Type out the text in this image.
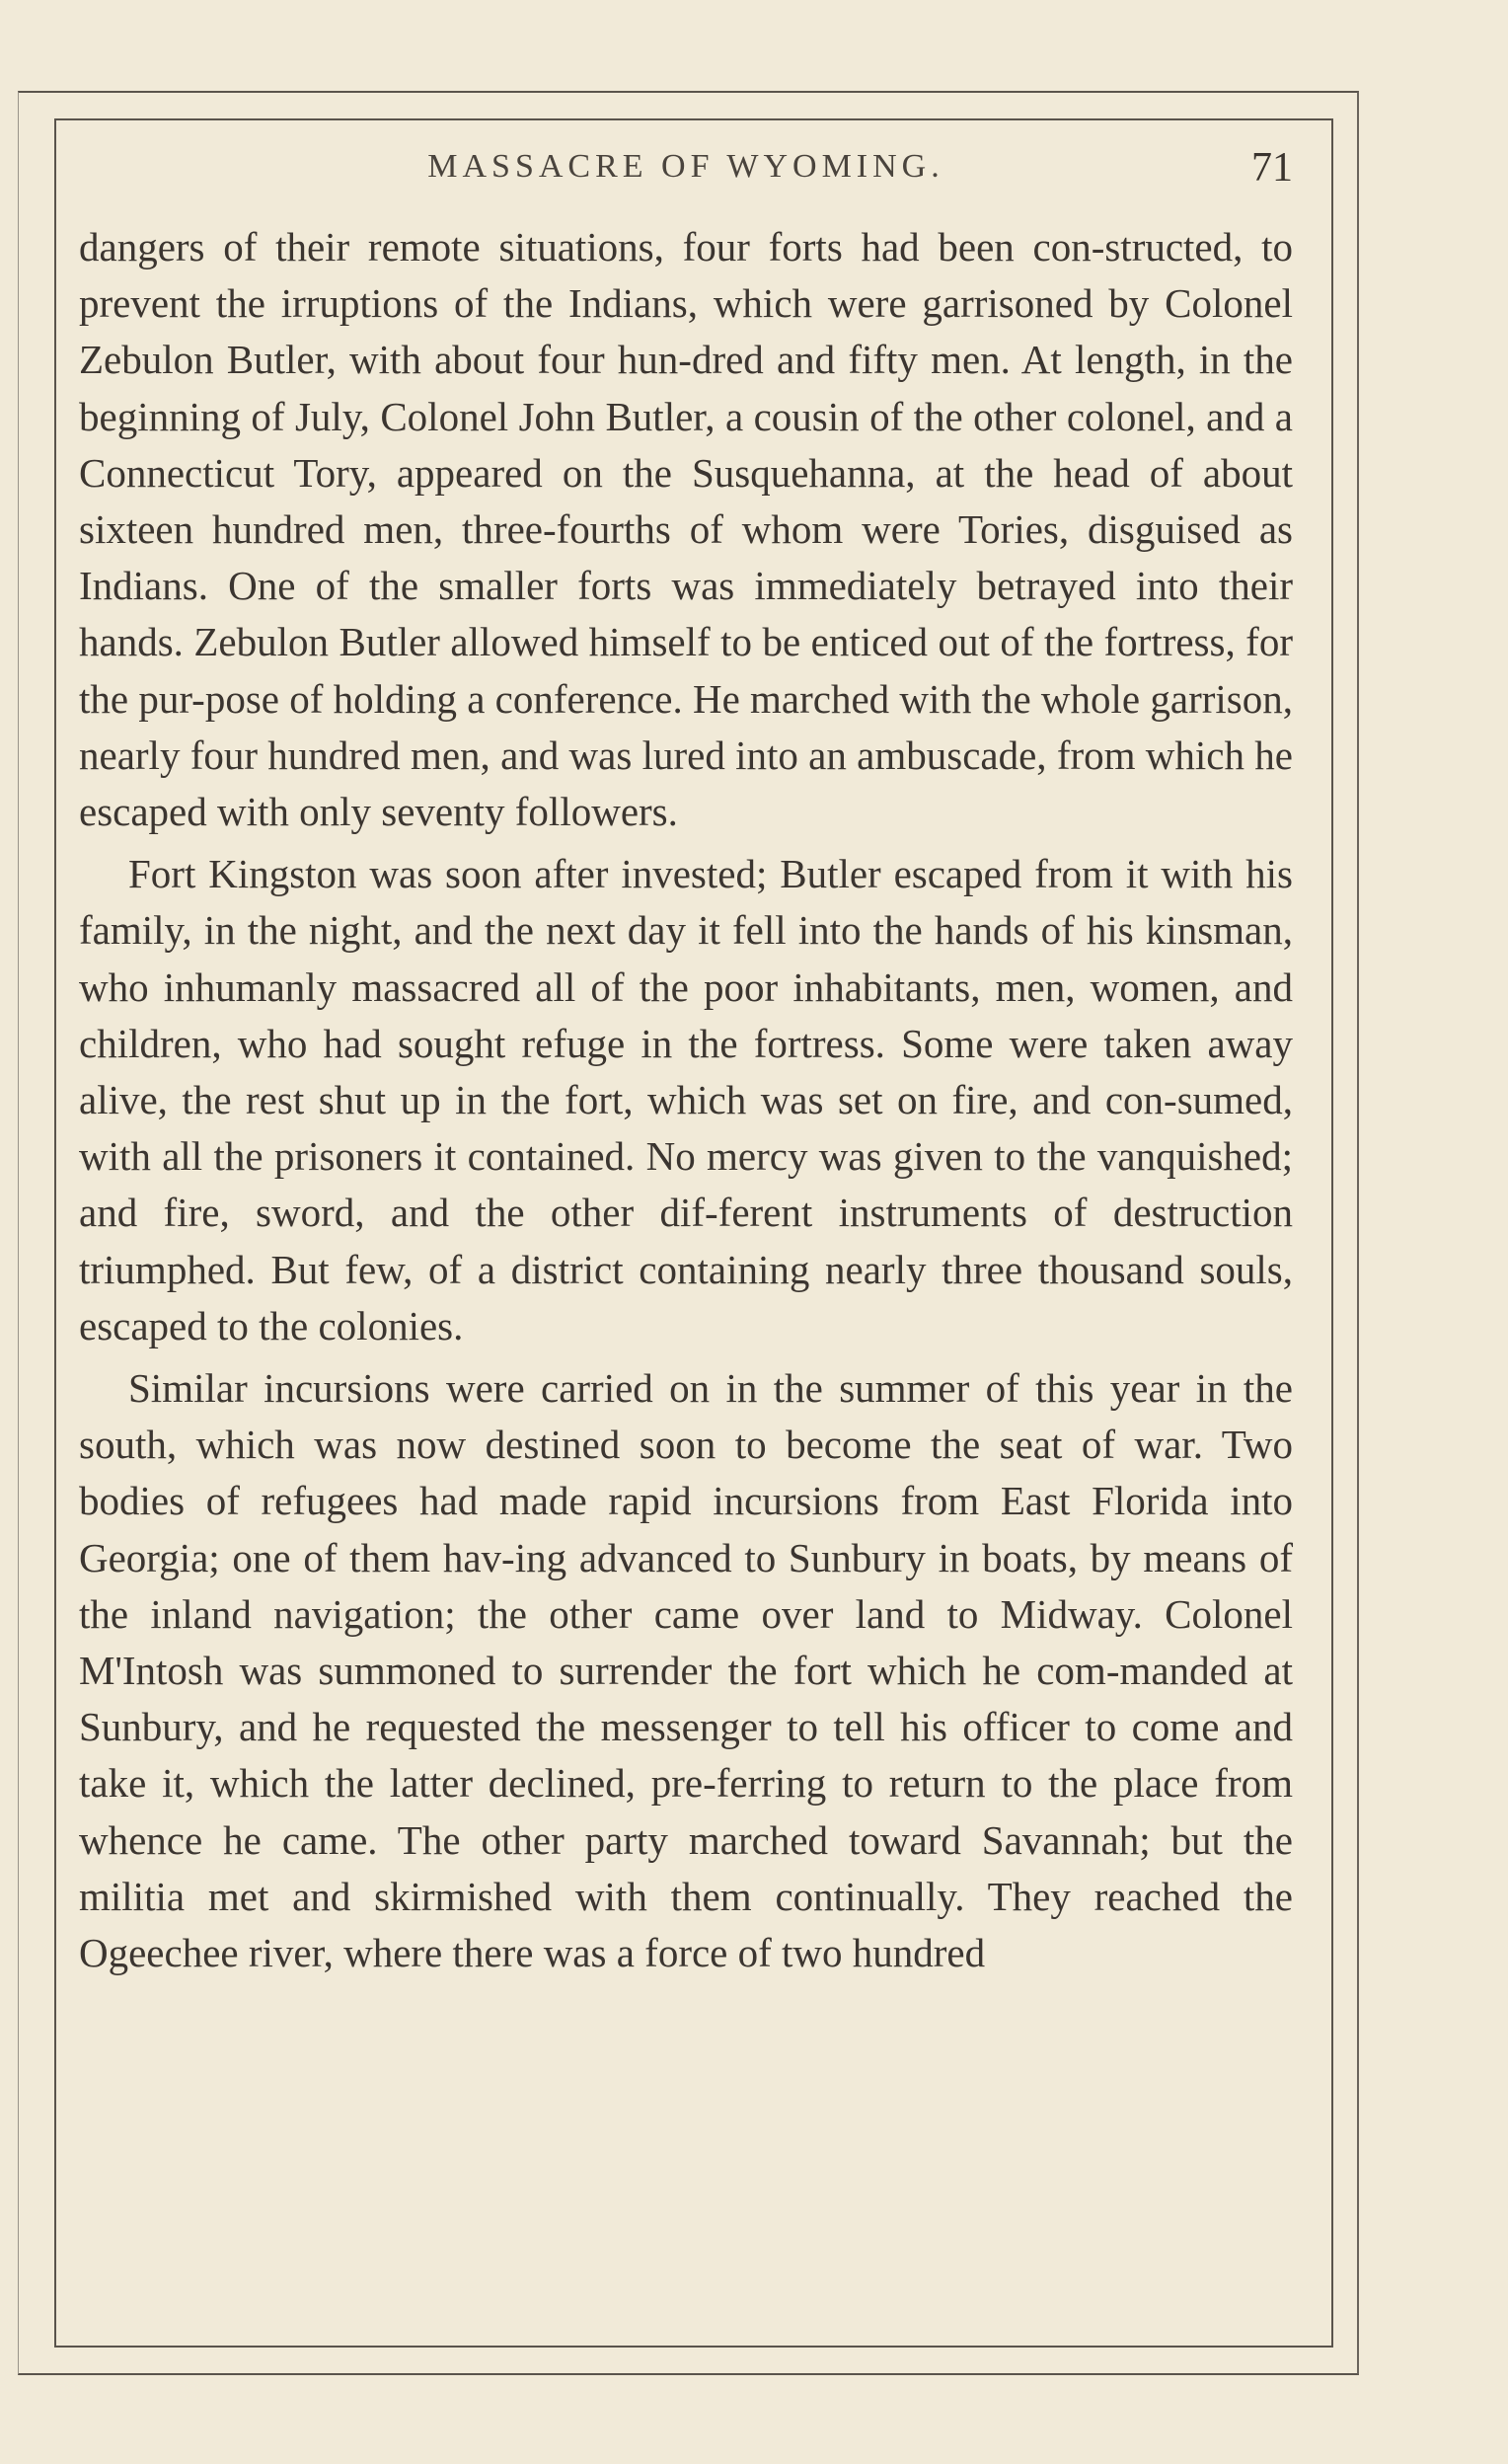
MASSACRE OF WYOMING.	71

dangers of their remote situations, four forts had been con-structed, to prevent the irruptions of the Indians, which were garrisoned by Colonel Zebulon Butler, with about four hun-dred and fifty men. At length, in the beginning of July, Colonel John Butler, a cousin of the other colonel, and a Connecticut Tory, appeared on the Susquehanna, at the head of about sixteen hundred men, three-fourths of whom were Tories, disguised as Indians. One of the smaller forts was immediately betrayed into their hands. Zebulon Butler allowed himself to be enticed out of the fortress, for the pur-pose of holding a conference. He marched with the whole garrison, nearly four hundred men, and was lured into an ambuscade, from which he escaped with only seventy followers.

Fort Kingston was soon after invested; Butler escaped from it with his family, in the night, and the next day it fell into the hands of his kinsman, who inhumanly massacred all of the poor inhabitants, men, women, and children, who had sought refuge in the fortress. Some were taken away alive, the rest shut up in the fort, which was set on fire, and con-sumed, with all the prisoners it contained. No mercy was given to the vanquished; and fire, sword, and the other dif-ferent instruments of destruction triumphed. But few, of a district containing nearly three thousand souls, escaped to the colonies.

Similar incursions were carried on in the summer of this year in the south, which was now destined soon to become the seat of war. Two bodies of refugees had made rapid incursions from East Florida into Georgia; one of them hav-ing advanced to Sunbury in boats, by means of the inland navigation; the other came over land to Midway. Colonel M'Intosh was summoned to surrender the fort which he com-manded at Sunbury, and he requested the messenger to tell his officer to come and take it, which the latter declined, pre-ferring to return to the place from whence he came. The other party marched toward Savannah; but the militia met and skirmished with them continually. They reached the Ogeechee river, where there was a force of two hundred
